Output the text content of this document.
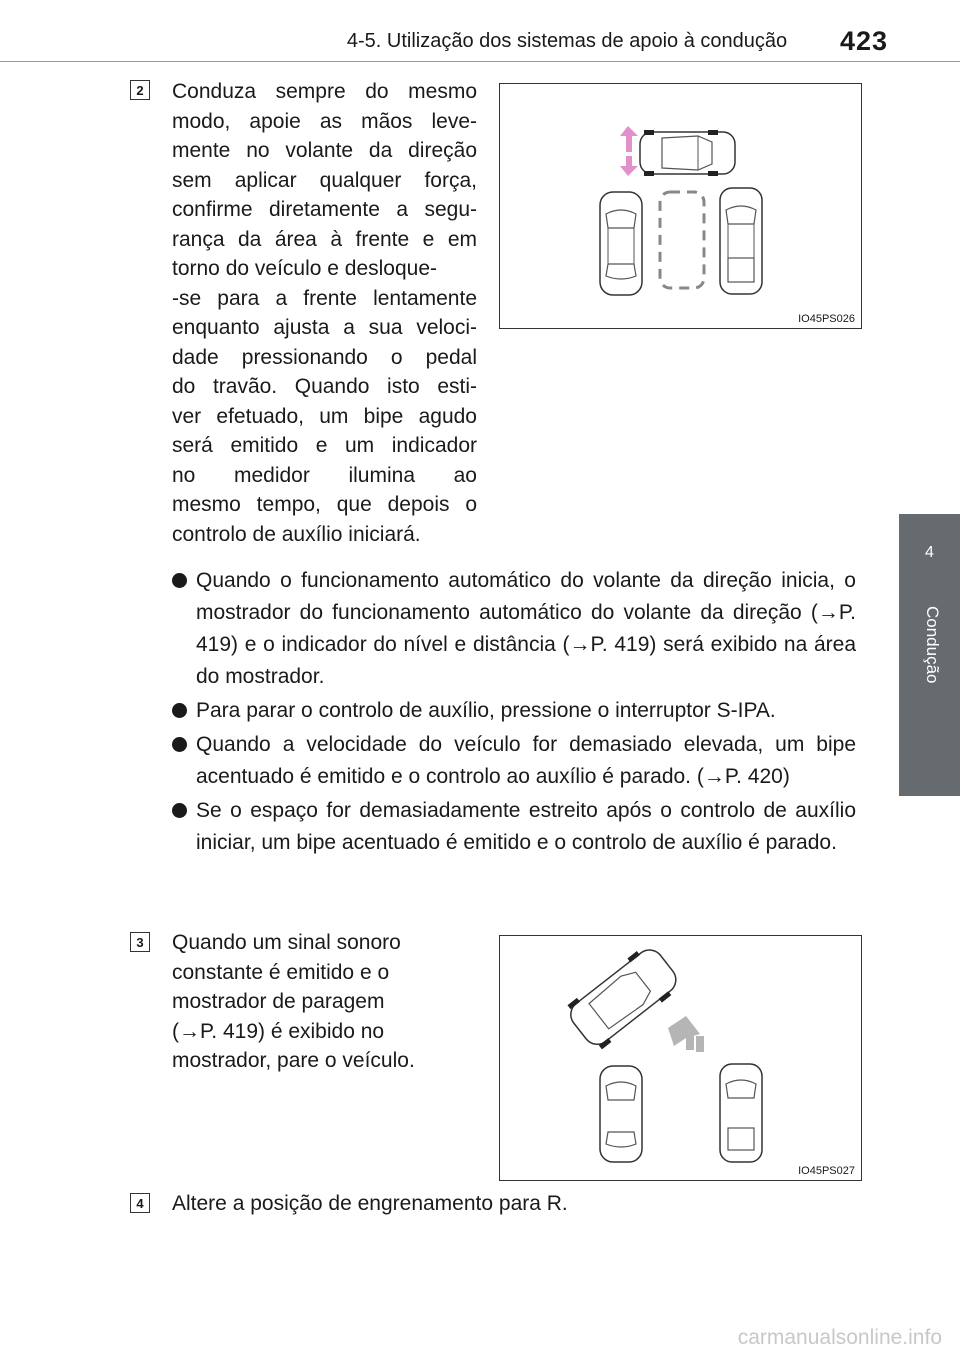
4-5. Utilização dos sistemas de apoio à condução	423
4
Condução
2	Conduza sempre do mesmo
modo, apoie as mãos leve-
mente no volante da direção
sem aplicar qualquer força,
confirme diretamente a segu-
rança da área à frente e em
torno do veículo e desloque-
-se para a frente lentamente
enquanto ajusta a sua veloci-
dade pressionando o pedal
do travão. Quando isto esti-
ver efetuado, um bipe agudo
será emitido e um indicador
no medidor ilumina ao
mesmo tempo, que depois o
controlo de auxílio iniciará.
IO45PS026
Quando o funcionamento automático do volante da direção inicia, o mostrador do funcionamento automático do volante da direção (→P. 419) e o indicador do nível e distância (→P. 419) será exibido na área do mostrador.
Para parar o controlo de auxílio, pressione o interruptor S-IPA.
Quando a velocidade do veículo for demasiado elevada, um bipe acentuado é emitido e o controlo ao auxílio é parado. (→P. 420)
Se o espaço for demasiadamente estreito após o controlo de auxílio iniciar, um bipe acentuado é emitido e o controlo de auxílio é parado.
3	Quando um sinal sonoro
constante é emitido e o
mostrador de paragem
(→P. 419) é exibido no
mostrador, pare o veículo.
IO45PS027
4	Altere a posição de engrenamento para R.
carmanualsonline.info
